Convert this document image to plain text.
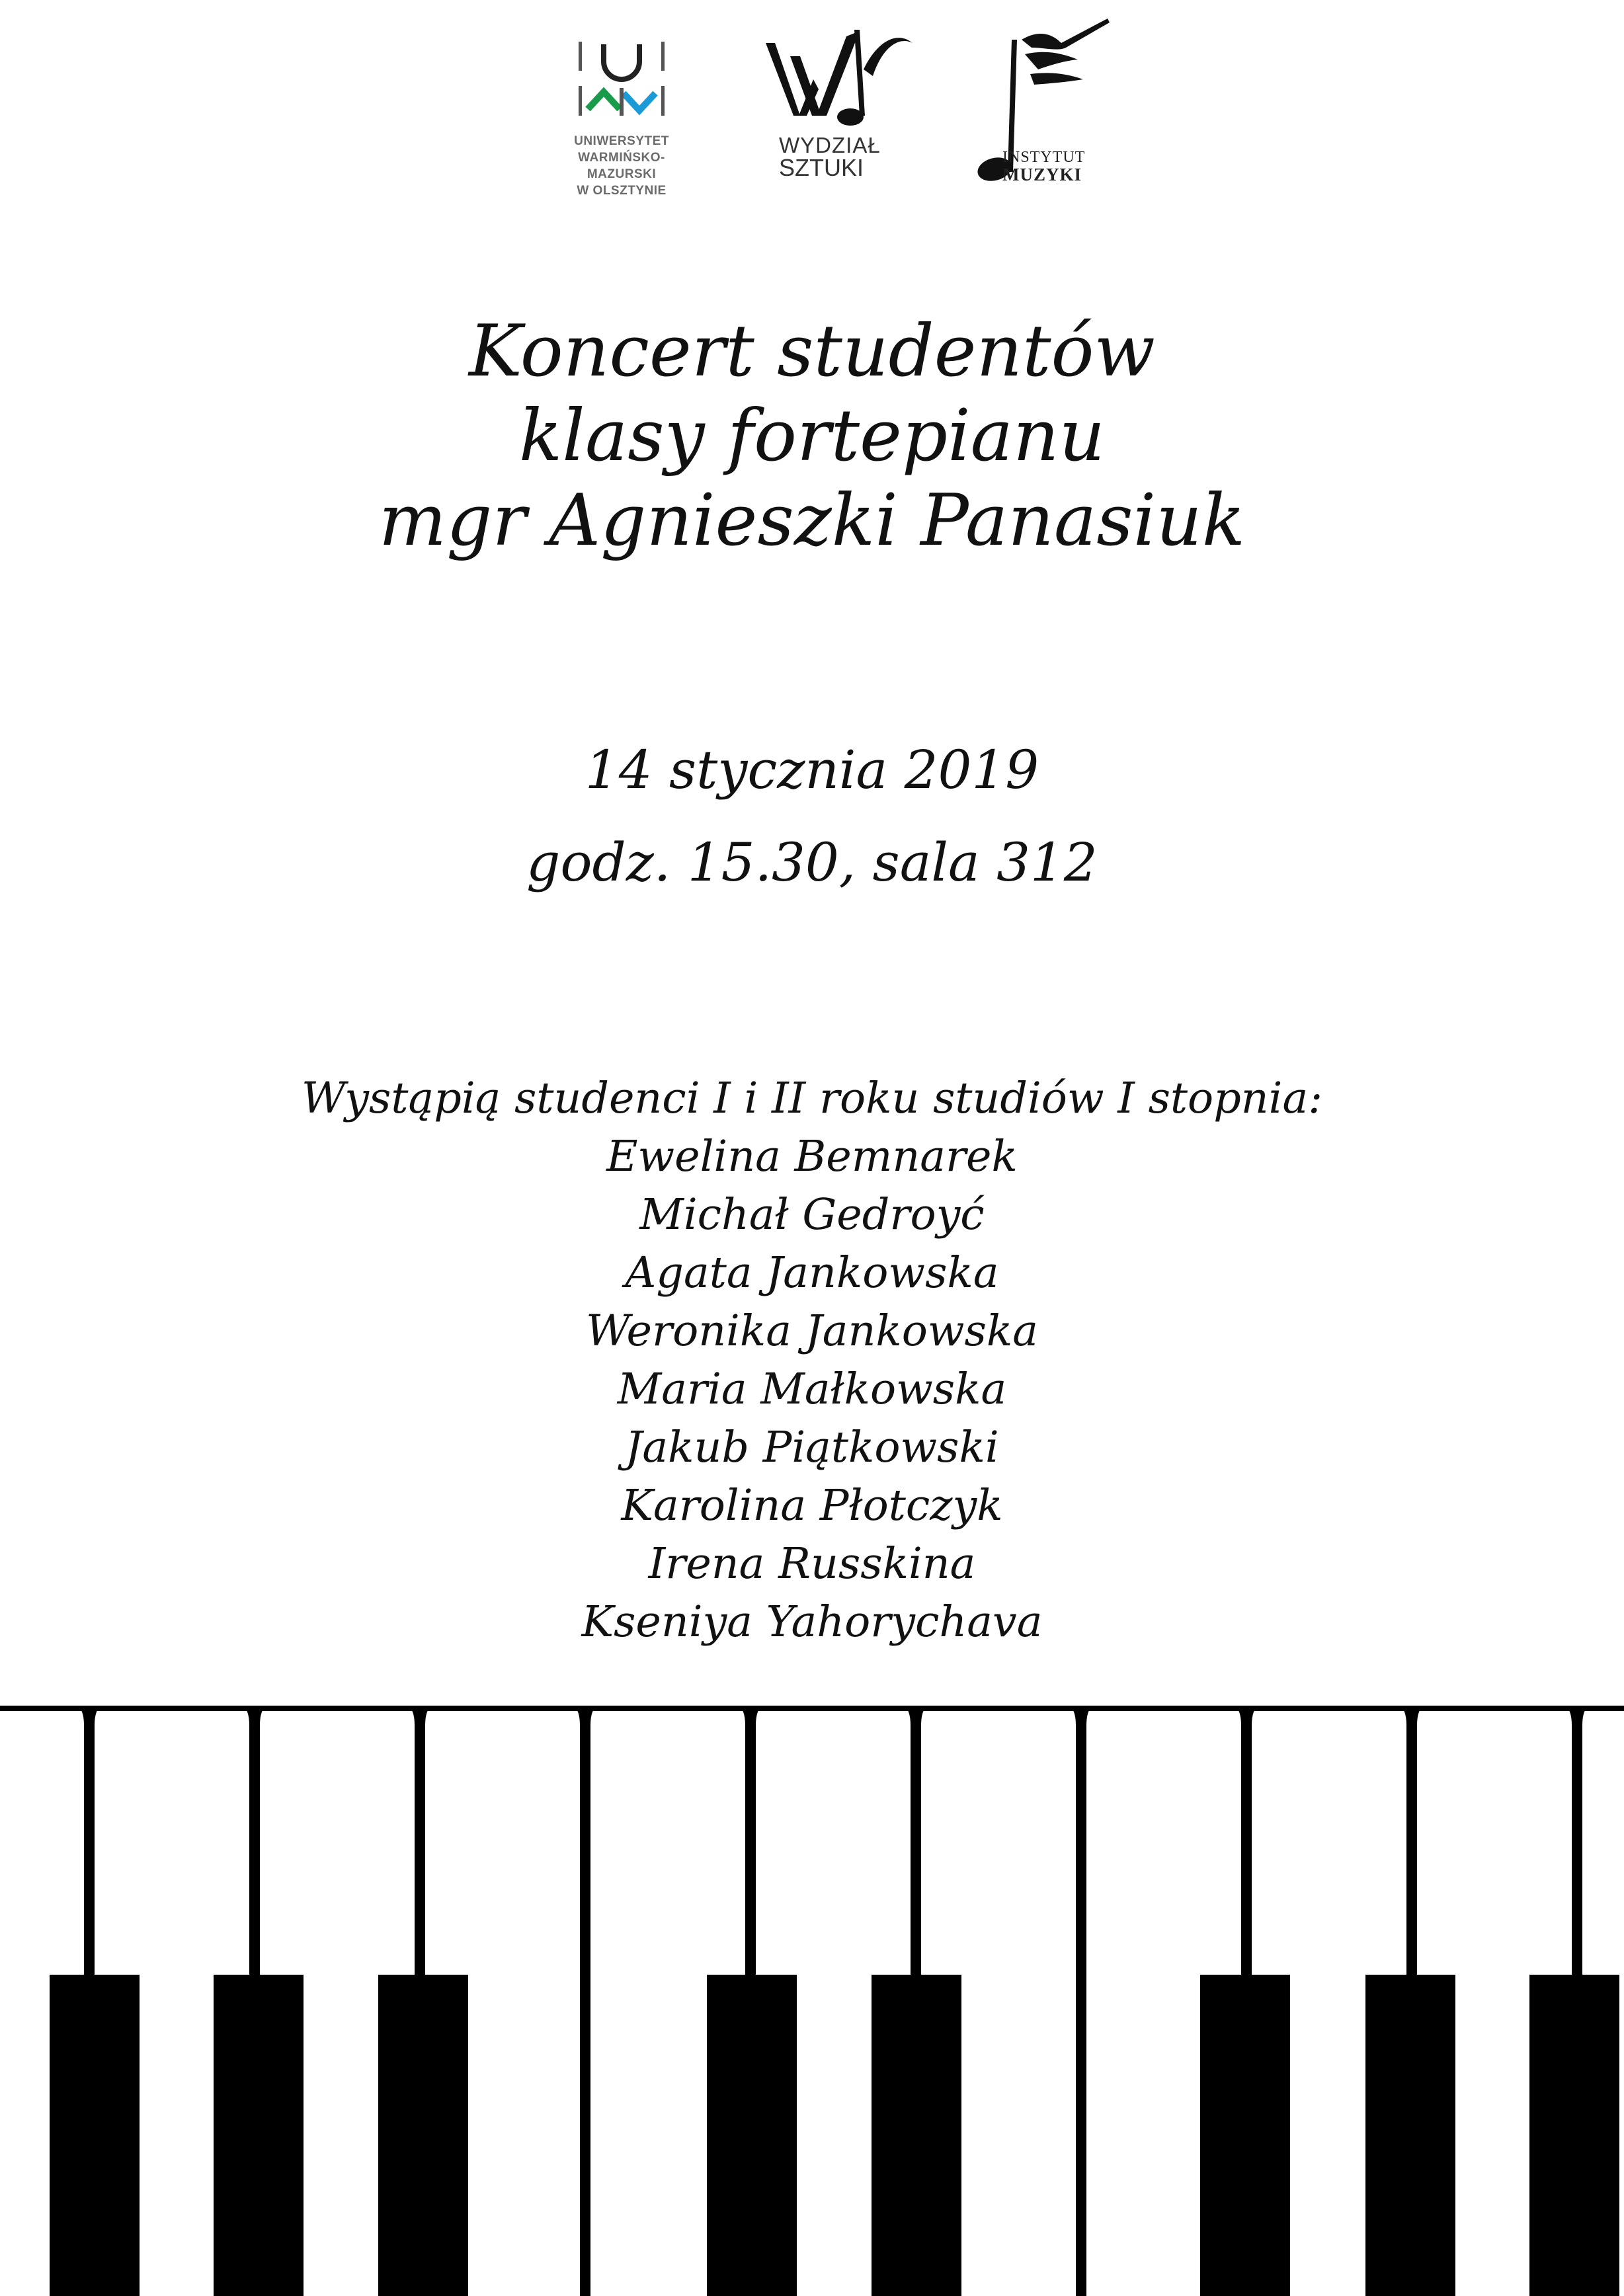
UNIWERSYTET
WARMIŃSKO-MAZURSKI
W OLSZTYNIE
WYDZIAŁ
SZTUKI	INSTYTUT
MUZYKI
Koncert studentów
klasy fortepianu
mgr Agnieszki Panasiuk
14 stycznia 2019
godz. 15.30, sala 312
Wystąpią studenci I i II roku studiów I stopnia:
Ewelina Bemnarek
Michał Gedroyć
Agata Jankowska
Weronika Jankowska
Maria Małkowska
Jakub Piątkowski
Karolina Płotczyk
Irena Russkina
Kseniya Yahorychava
